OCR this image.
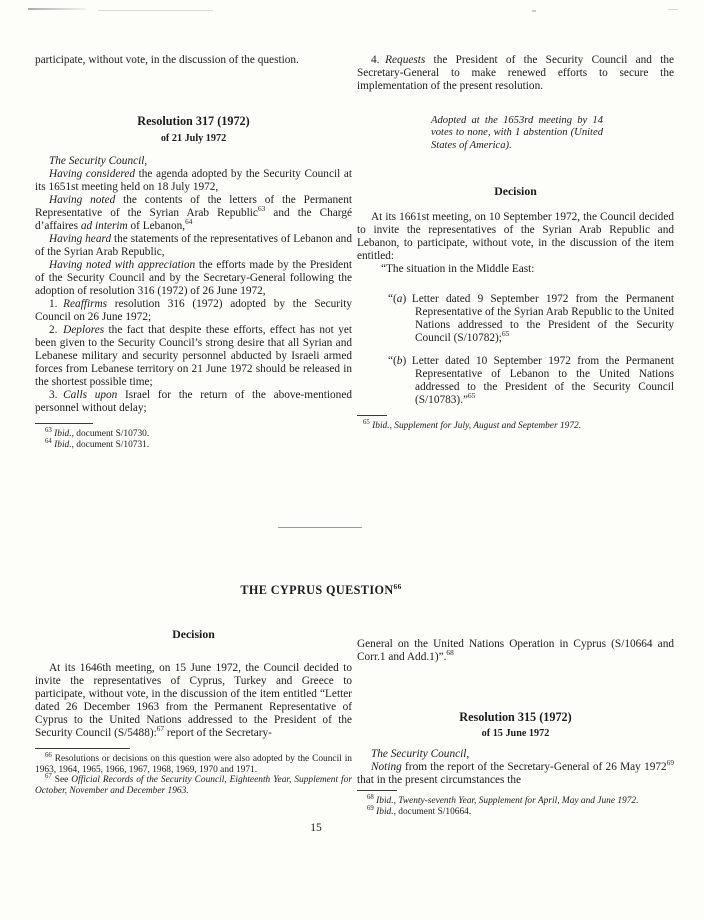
participate, without vote, in the discussion of the question.

Resolution 317 (1972)
of 21 July 1972

The Security Council,

Having considered the agenda adopted by the Security Council at its 1651st meeting held on 18 July 1972,

Having noted the contents of the letters of the Permanent Representative of the Syrian Arab Republic$^{63}$ and the Chargé d’affaires ad interim of Lebanon,$^{64}$

Having heard the statements of the representatives of Lebanon and of the Syrian Arab Republic,

Having noted with appreciation the efforts made by the President of the Security Council and by the Secretary-General following the adoption of resolution 316 (1972) of 26 June 1972,

1. Reaffirms resolution 316 (1972) adopted by the Security Council on 26 June 1972;

2. Deplores the fact that despite these efforts, effect has not yet been given to the Security Council’s strong desire that all Syrian and Lebanese military and security personnel abducted by Israeli armed forces from Lebanese territory on 21 June 1972 should be released in the shortest possible time;

3. Calls upon Israel for the return of the above-mentioned personnel without delay;

$^{63}$ Ibid., document S/10730.

$^{64}$ Ibid., document S/10731.

4. Requests the President of the Security Council and the Secretary-General to make renewed efforts to secure the implementation of the present resolution.

Adopted at the 1653rd meeting by 14 votes to none, with 1 abstention (United States of America).
Decision

At its 1661st meeting, on 10 September 1972, the Council decided to invite the representatives of the Syrian Arab Republic and Lebanon, to participate, without vote, in the discussion of the item entitled:

“The situation in the Middle East:

“(a) Letter dated 9 September 1972 from the Permanent Representative of the Syrian Arab Republic to the United Nations addressed to the President of the Security Council (S/10782);$^{65}$

“(b) Letter dated 10 September 1972 from the Permanent Representative of Lebanon to the United Nations addressed to the President of the Security Council (S/10783).”$^{65}$

$^{65}$ Ibid., Supplement for July, August and September 1972.

THE CYPRUS QUESTION$^{66}$
Decision

At its 1646th meeting, on 15 June 1972, the Council decided to invite the representatives of Cyprus, Turkey and Greece to participate, without vote, in the discussion of the item entitled “Letter dated 26 December 1963 from the Permanent Representative of Cyprus to the United Nations addressed to the President of the Security Council (S/5488):$^{67}$ report of the Secretary-

$^{66}$ Resolutions or decisions on this question were also adopted by the Council in 1963, 1964, 1965, 1966, 1967, 1968, 1969, 1970 and 1971.

$^{67}$ See Official Records of the Security Council, Eighteenth Year, Supplement for October, November and December 1963.

General on the United Nations Operation in Cyprus (S/10664 and Corr.1 and Add.1)”.$^{68}$

Resolution 315 (1972)
of 15 June 1972

The Security Council,

Noting from the report of the Secretary-General of 26 May 1972$^{69}$ that in the present circumstances the

$^{68}$ Ibid., Twenty-seventh Year, Supplement for April, May and June 1972.

$^{69}$ Ibid., document S/10664.

15
